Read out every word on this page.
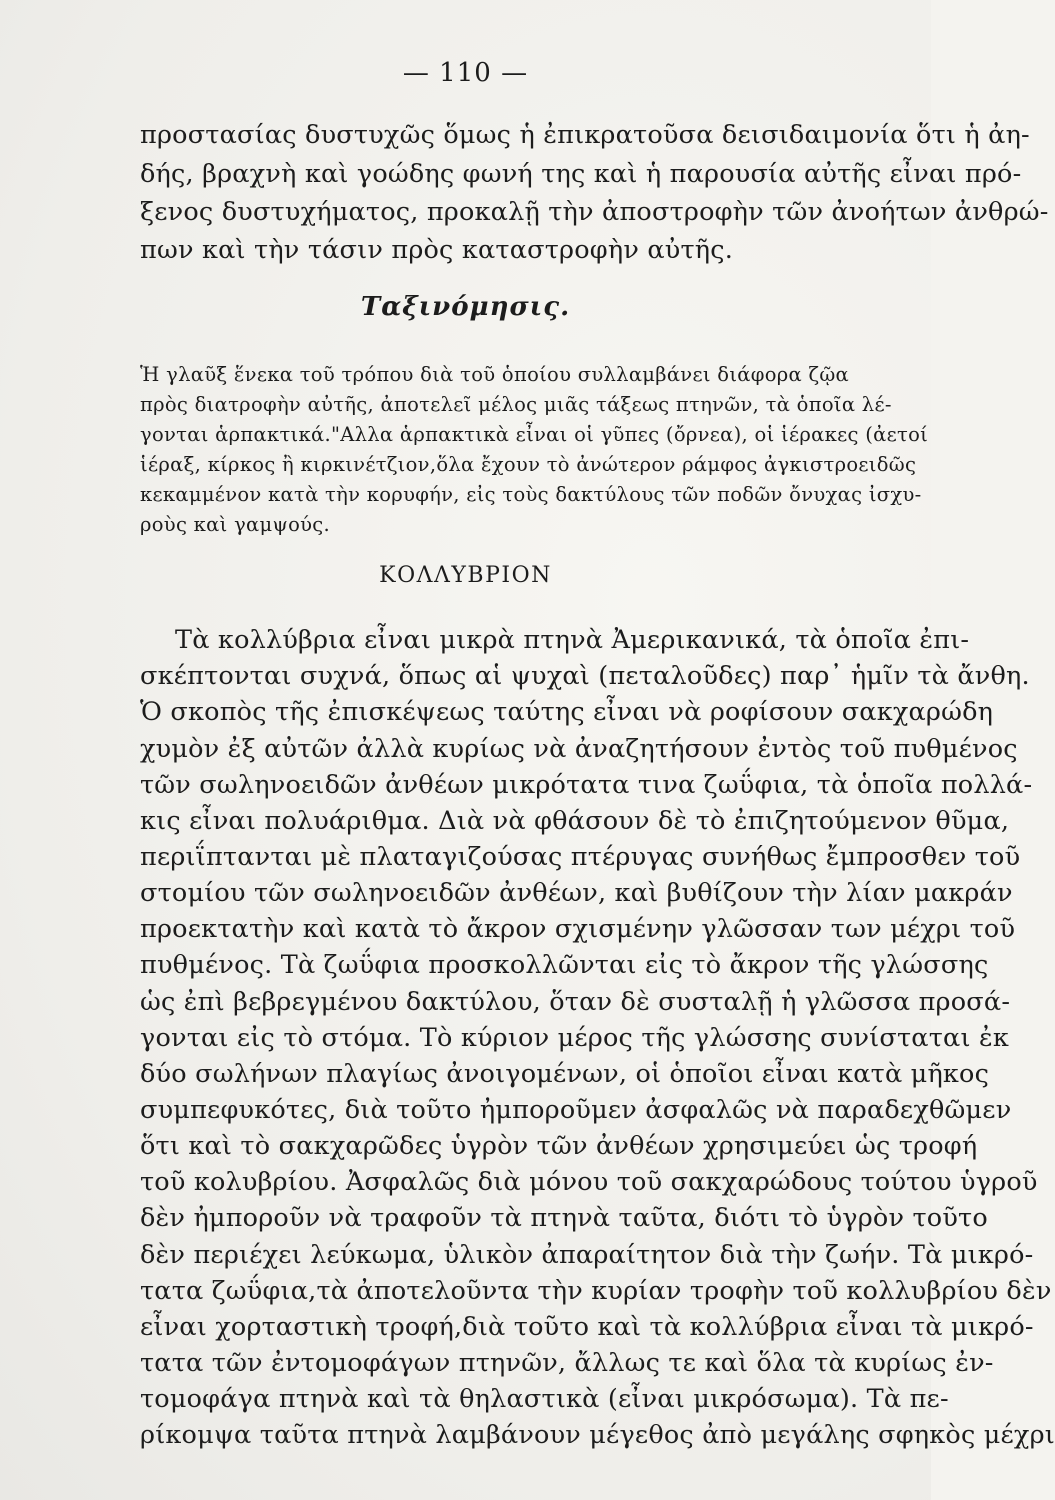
— 110 —
προστασίας δυστυχῶς ὅμως ἡ ἐπικρατοῦσα δεισιδαιμονία ὅτι ἡ ἀη-
δής, βραχνὴ καὶ γοώδης φωνή της καὶ ἡ παρουσία αὐτῆς εἶναι πρό-
ξενος δυστυχήματος, προκαλῇ τὴν ἀποστροφὴν τῶν ἀνοήτων ἀνθρώ-
πων καὶ τὴν τάσιν πρὸς καταστροφὴν αὐτῆς.
Ταξινόμησις.
Ἡ γλαῦξ ἕνεκα τοῦ τρόπου διὰ τοῦ ὁποίου συλλαμβάνει διάφορα ζῷα
πρὸς διατροφὴν αὐτῆς, ἀποτελεῖ μέλος μιᾶς τάξεως πτηνῶν, τὰ ὁποῖα λέ-
γονται ἁρπακτικά."Αλλα ἁρπακτικὰ εἶναι οἱ γῦπες (ὄρνεα), οἱ ἱέρακες (ἀετοί
ἱέραξ, κίρκος ἢ κιρκινέτζιον,ὅλα ἔχουν τὸ ἀνώτερον ράμφος ἀγκιστροειδῶς
κεκαμμένον κατὰ τὴν κορυφήν, εἰς τοὺς δακτύλους τῶν ποδῶν ὄνυχας ἰσχυ-
ροὺς καὶ γαμψούς.
ΚΟΛΛΥΒΡΙΟΝ
Τὰ κολλύβρια εἶναι μικρὰ πτηνὰ Ἀμερικανικά, τὰ ὁποῖα ἐπι-
σκέπτονται συχνά, ὅπως αἱ ψυχαὶ (πεταλοῦδες) παρ᾽ ἡμῖν τὰ ἄνθη.
Ὁ σκοπὸς τῆς ἐπισκέψεως ταύτης εἶναι νὰ ροφίσουν σακχαρώδη
χυμὸν ἐξ αὐτῶν ἀλλὰ κυρίως νὰ ἀναζητήσουν ἐντὸς τοῦ πυθμένος
τῶν σωληνοειδῶν ἀνθέων μικρότατα τινα ζωΰφια, τὰ ὁποῖα πολλά-
κις εἶναι πολυάριθμα. Διὰ νὰ φθάσουν δὲ τὸ ἐπιζητούμενον θῦμα,
περιΐπτανται μὲ πλαταγιζούσας πτέρυγας συνήθως ἔμπροσθεν τοῦ
στομίου τῶν σωληνοειδῶν ἀνθέων, καὶ βυθίζουν τὴν λίαν μακράν
προεκτατὴν καὶ κατὰ τὸ ἄκρον σχισμένην γλῶσσαν των μέχρι τοῦ
πυθμένος. Τὰ ζωΰφια προσκολλῶνται εἰς τὸ ἄκρον τῆς γλώσσης
ὡς ἐπὶ βεβρεγμένου δακτύλου, ὅταν δὲ συσταλῇ ἡ γλῶσσα προσά-
γονται εἰς τὸ στόμα. Τὸ κύριον μέρος τῆς γλώσσης συνίσταται ἐκ
δύο σωλήνων πλαγίως ἀνοιγομένων, οἱ ὁποῖοι εἶναι κατὰ μῆκος
συμπεφυκότες, διὰ τοῦτο ἠμποροῦμεν ἀσφαλῶς νὰ παραδεχθῶμεν
ὅτι καὶ τὸ σακχαρῶδες ὑγρὸν τῶν ἀνθέων χρησιμεύει ὡς τροφή
τοῦ κολυβρίου. Ἀσφαλῶς διὰ μόνου τοῦ σακχαρώδους τούτου ὑγροῦ
δὲν ἠμποροῦν νὰ τραφοῦν τὰ πτηνὰ ταῦτα, διότι τὸ ὑγρὸν τοῦτο
δὲν περιέχει λεύκωμα, ὑλικὸν ἀπαραίτητον διὰ τὴν ζωήν. Τὰ μικρό-
τατα ζωΰφια,τὰ ἀποτελοῦντα τὴν κυρίαν τροφὴν τοῦ κολλυβρίου δὲν
εἶναι χορταστικὴ τροφή,διὰ τοῦτο καὶ τὰ κολλύβρια εἶναι τὰ μικρό-
τατα τῶν ἐντομοφάγων πτηνῶν, ἄλλως τε καὶ ὅλα τὰ κυρίως ἐν-
τομοφάγα πτηνὰ καὶ τὰ θηλαστικὰ (εἶναι μικρόσωμα). Τὰ πε-
ρίκομψα ταῦτα πτηνὰ λαμβάνουν μέγεθος ἀπὸ μεγάλης σφηκὸς μέχρι
